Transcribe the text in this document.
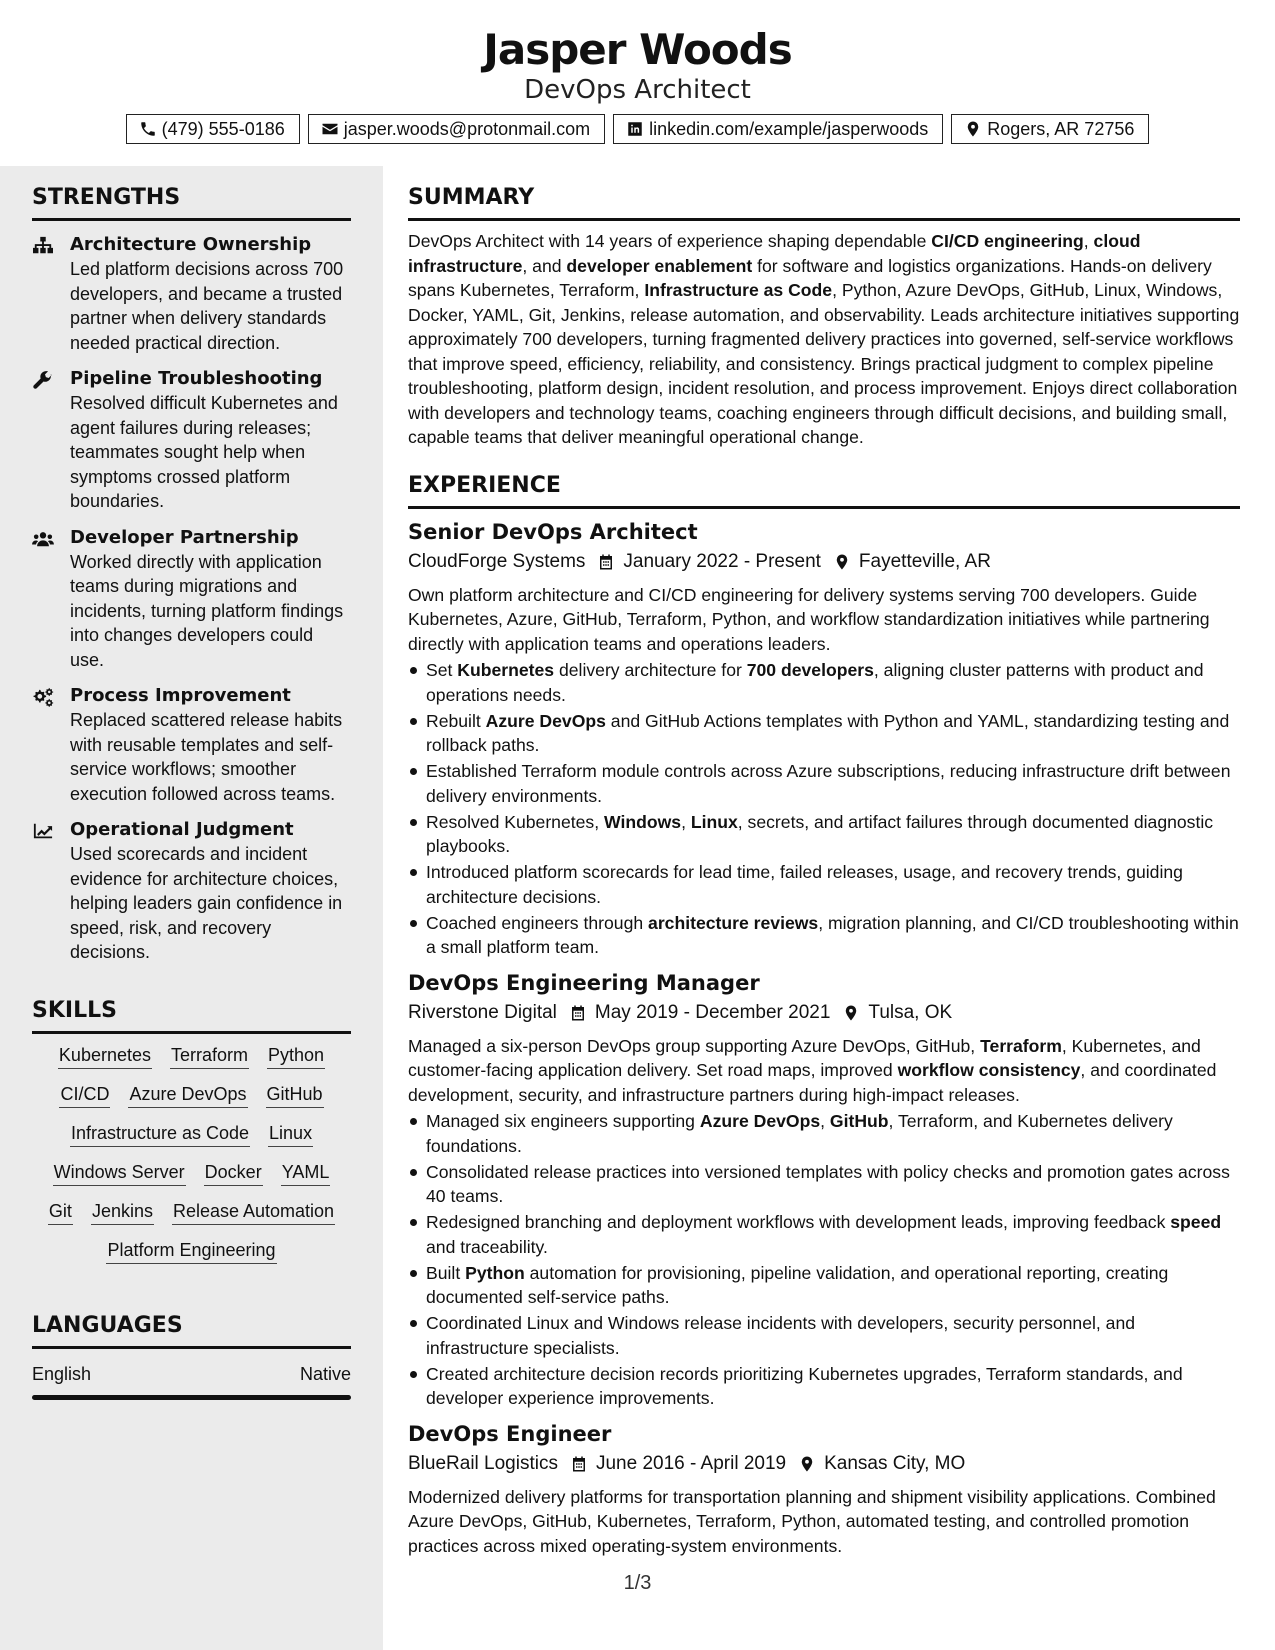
Jasper Woods
DevOps Architect
(479) 555-0186	jasper.woods@protonmail.com	linkedin.com/example/jasperwoods	Rogers, AR 72756
STRENGTHS
Architecture Ownership
Led platform decisions across 700 developers, and became a trusted partner when delivery standards needed practical direction.
Pipeline Troubleshooting
Resolved difficult Kubernetes and agent failures during releases; teammates sought help when symptoms crossed platform boundaries.
Developer Partnership
Worked directly with application teams during migrations and incidents, turning platform findings into changes developers could use.
Process Improvement
Replaced scattered release habits with reusable templates and self-service workflows; smoother execution followed across teams.
Operational Judgment
Used scorecards and incident evidence for architecture choices, helping leaders gain confidence in speed, risk, and recovery decisions.
SKILLS
Kubernetes Terraform Python
CI/CD Azure DevOps GitHub
Infrastructure as Code Linux
Windows Server Docker YAML
Git Jenkins Release Automation
Platform Engineering
LANGUAGES
English	Native
SUMMARY
DevOps Architect with 14 years of experience shaping dependable CI/CD engineering, cloud infrastructure, and developer enablement for software and logistics organizations. Hands-on delivery spans Kubernetes, Terraform, Infrastructure as Code, Python, Azure DevOps, GitHub, Linux, Windows, Docker, YAML, Git, Jenkins, release automation, and observability. Leads architecture initiatives supporting approximately 700 developers, turning fragmented delivery practices into governed, self-service workflows that improve speed, efficiency, reliability, and consistency. Brings practical judgment to complex pipeline troubleshooting, platform design, incident resolution, and process improvement. Enjoys direct collaboration with developers and technology teams, coaching engineers through difficult decisions, and building small, capable teams that deliver meaningful operational change.
EXPERIENCE
Senior DevOps Architect
CloudForge Systems January 2022 - Present Fayetteville, AR
Own platform architecture and CI/CD engineering for delivery systems serving 700 developers. Guide Kubernetes, Azure, GitHub, Terraform, Python, and workflow standardization initiatives while partnering directly with application teams and operations leaders.
Set Kubernetes delivery architecture for 700 developers, aligning cluster patterns with product and operations needs.
Rebuilt Azure DevOps and GitHub Actions templates with Python and YAML, standardizing testing and rollback paths.
Established Terraform module controls across Azure subscriptions, reducing infrastructure drift between delivery environments.
Resolved Kubernetes, Windows, Linux, secrets, and artifact failures through documented diagnostic playbooks.
Introduced platform scorecards for lead time, failed releases, usage, and recovery trends, guiding architecture decisions.
Coached engineers through architecture reviews, migration planning, and CI/CD troubleshooting within a small platform team.
DevOps Engineering Manager
Riverstone Digital May 2019 - December 2021 Tulsa, OK
Managed a six-person DevOps group supporting Azure DevOps, GitHub, Terraform, Kubernetes, and customer-facing application delivery. Set road maps, improved workflow consistency, and coordinated development, security, and infrastructure partners during high-impact releases.
Managed six engineers supporting Azure DevOps, GitHub, Terraform, and Kubernetes delivery foundations.
Consolidated release practices into versioned templates with policy checks and promotion gates across 40 teams.
Redesigned branching and deployment workflows with development leads, improving feedback speed and traceability.
Built Python automation for provisioning, pipeline validation, and operational reporting, creating documented self-service paths.
Coordinated Linux and Windows release incidents with developers, security personnel, and infrastructure specialists.
Created architecture decision records prioritizing Kubernetes upgrades, Terraform standards, and developer experience improvements.
DevOps Engineer
BlueRail Logistics June 2016 - April 2019 Kansas City, MO
Modernized delivery platforms for transportation planning and shipment visibility applications. Combined Azure DevOps, GitHub, Kubernetes, Terraform, Python, automated testing, and controlled promotion practices across mixed operating-system environments.
1/3
